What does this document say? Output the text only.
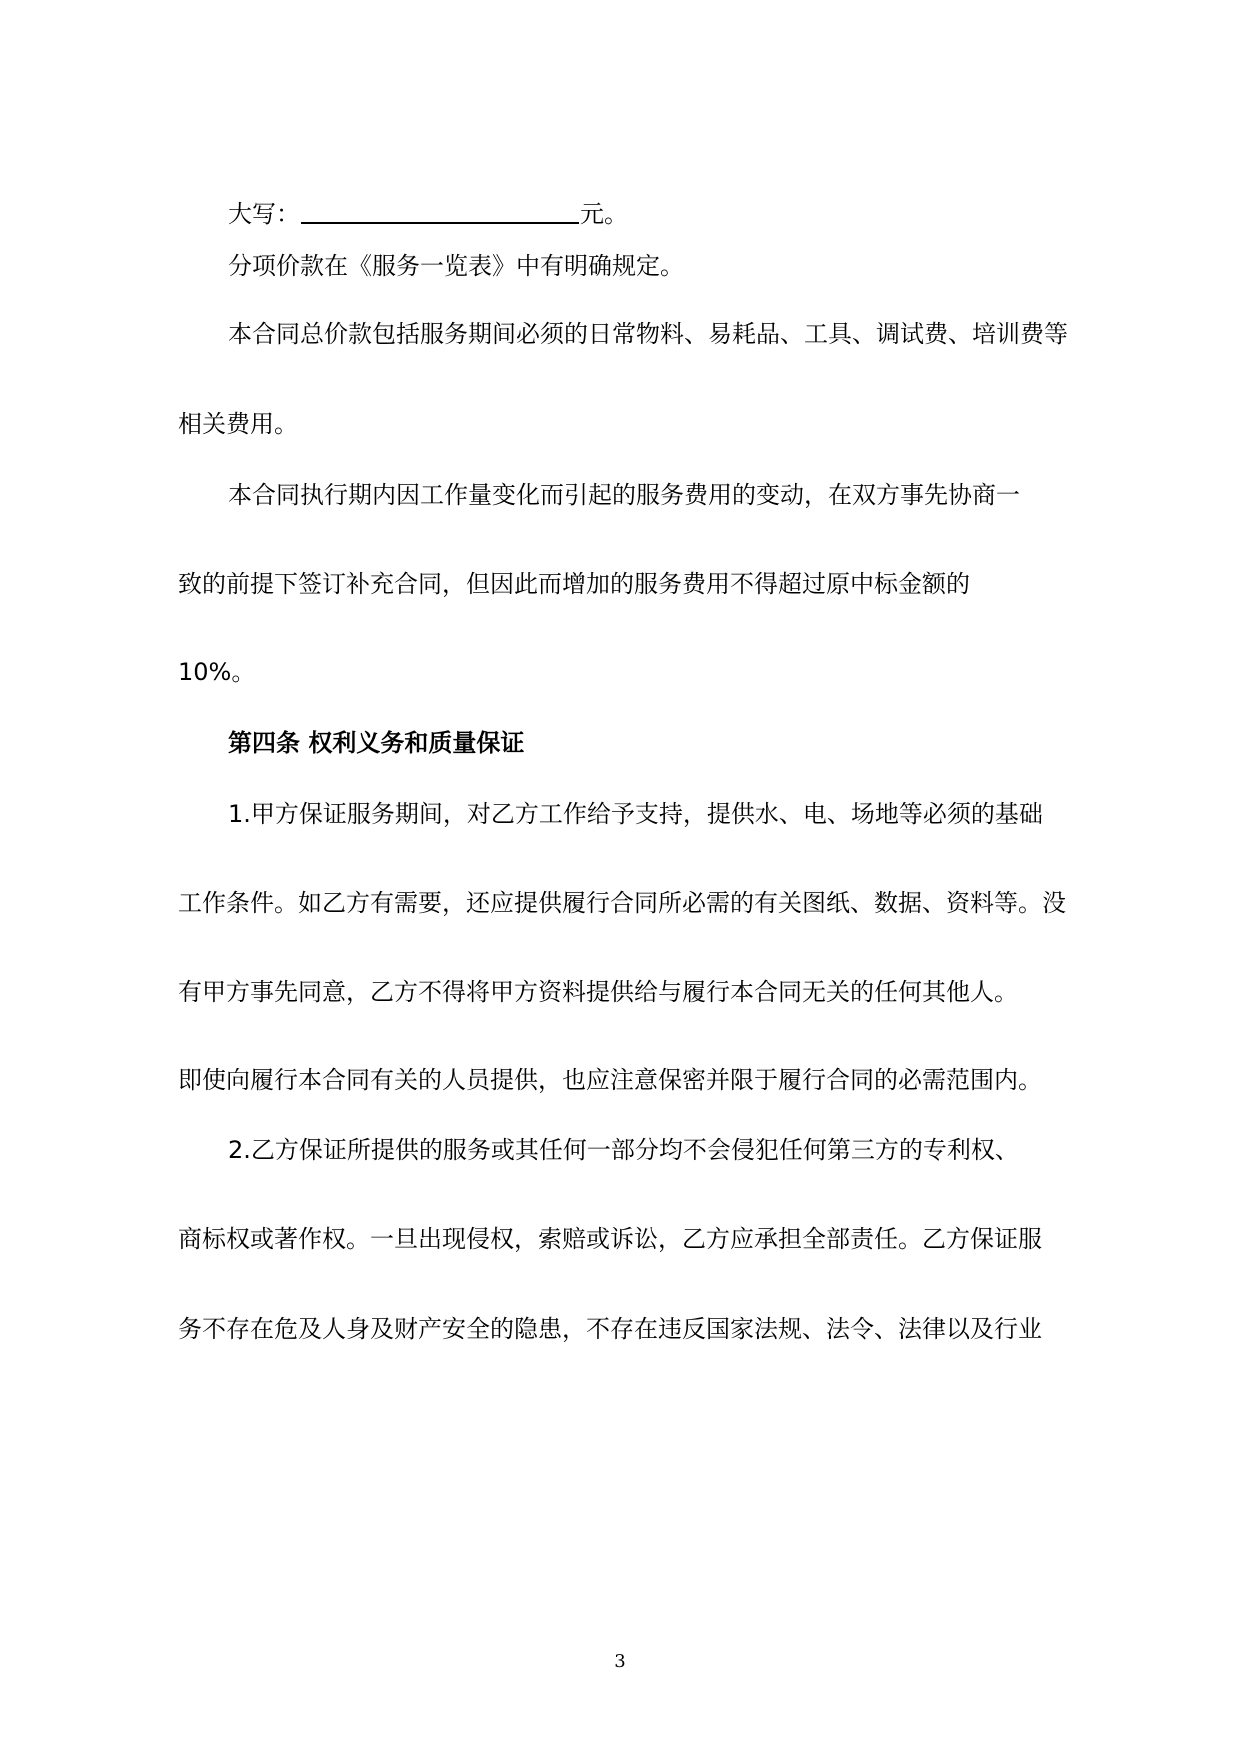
大写：	元。

分项价款在《服务一览表》中有明确规定。

本合同总价款包括服务期间必须的日常物料、易耗品、工具、调试费、培训费等

相关费用。

本合同执行期内因工作量变化而引起的服务费用的变动，在双方事先协商一

致的前提下签订补充合同，但因此而增加的服务费用不得超过原中标金额的

10%。

第四条 权利义务和质量保证

1.甲方保证服务期间，对乙方工作给予支持，提供水、电、场地等必须的基础

工作条件。如乙方有需要，还应提供履行合同所必需的有关图纸、数据、资料等。没

有甲方事先同意，乙方不得将甲方资料提供给与履行本合同无关的任何其他人。

即使向履行本合同有关的人员提供，也应注意保密并限于履行合同的必需范围内。

2.乙方保证所提供的服务或其任何一部分均不会侵犯任何第三方的专利权、

商标权或著作权。一旦出现侵权，索赔或诉讼，乙方应承担全部责任。乙方保证服

务不存在危及人身及财产安全的隐患，不存在违反国家法规、法令、法律以及行业

3
